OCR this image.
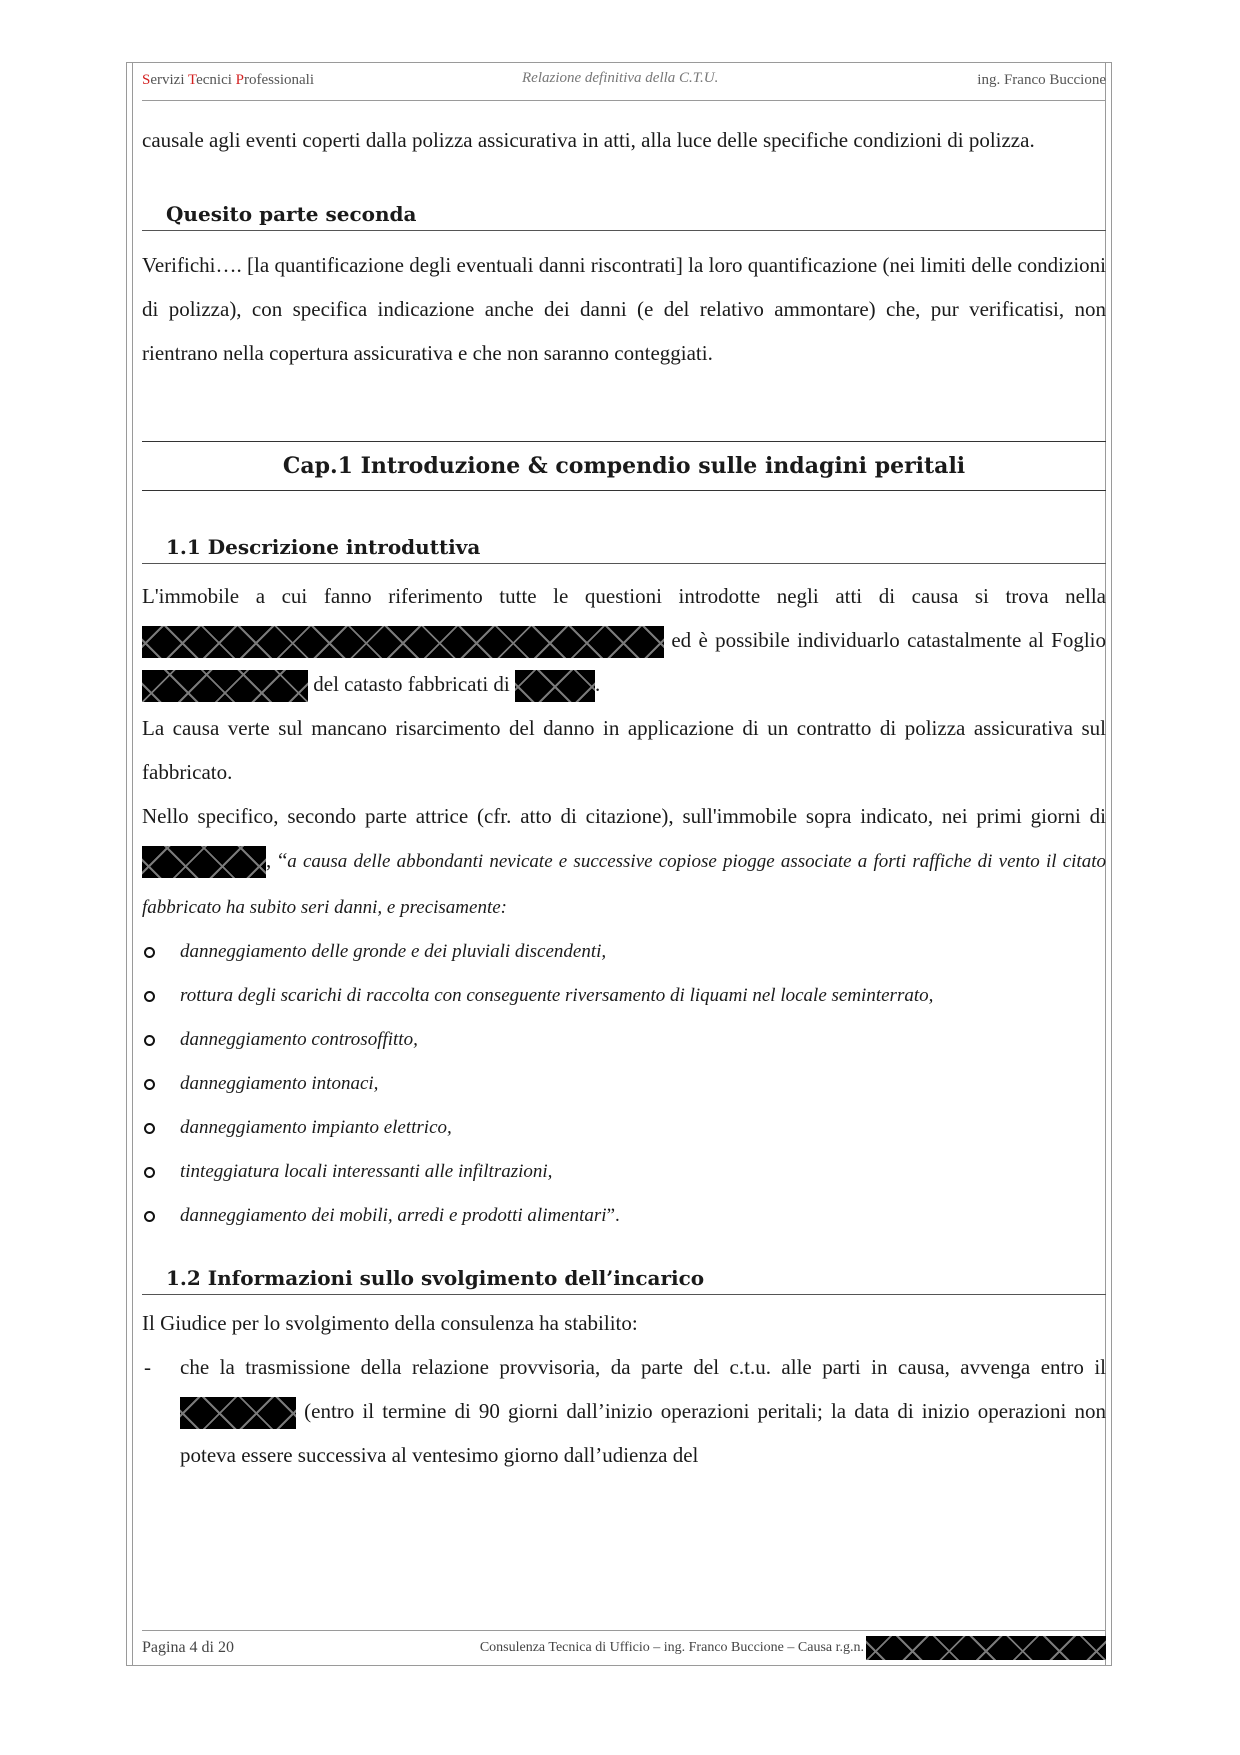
Servizi Tecnici Professionali	Relazione definitiva della C.T.U.	ing. Franco Buccione

causale agli eventi coperti dalla polizza assicurativa in atti, alla luce delle specifiche condizioni di polizza.

Quesito parte seconda

Verifichi…. [la quantificazione degli eventuali danni riscontrati] la loro quantificazione (nei limiti delle condizioni di polizza), con specifica indicazione anche dei danni (e del relativo ammontare) che, pur verificatisi, non rientrano nella copertura assicurativa e che non saranno conteggiati.

Cap.1 Introduzione & compendio sulle indagini peritali
1.1 Descrizione introduttiva

L'immobile a cui fanno riferimento tutte le questioni introdotte negli atti di causa si trova nella  ed è possibile individuarlo catastalmente al Foglio del catasto fabbricati di	.

La causa verte sul mancano risarcimento del danno in applicazione di un contratto di polizza assicurativa sul fabbricato.

Nello specifico, secondo parte attrice (cfr. atto di citazione), sull'immobile sopra indicato, nei primi giorni di , “a causa delle abbondanti nevicate e successive copiose piogge associate a forti raffiche di vento il citato fabbricato ha subito seri danni, e precisamente:

danneggiamento delle gronde e dei pluviali discendenti,
rottura degli scarichi di raccolta con conseguente riversamento di liquami nel locale seminterrato,
danneggiamento controsoffitto,
danneggiamento intonaci,
danneggiamento impianto elettrico,
tinteggiatura locali interessanti alle infiltrazioni,
danneggiamento dei mobili, arredi e prodotti alimentari”.
1.2 Informazioni sullo svolgimento dell’incarico

Il Giudice per lo svolgimento della consulenza ha stabilito:

- che la trasmissione della relazione provvisoria, da parte del c.t.u. alle parti in causa, avvenga entro il  (entro il termine di 90 giorni dall’inizio operazioni peritali; la data di inizio operazioni non poteva essere successiva al ventesimo giorno dall’udienza del
Pagina 4 di 20	Consulenza Tecnica di Ufficio – ing. Franco Buccione – Causa r.g.n.
